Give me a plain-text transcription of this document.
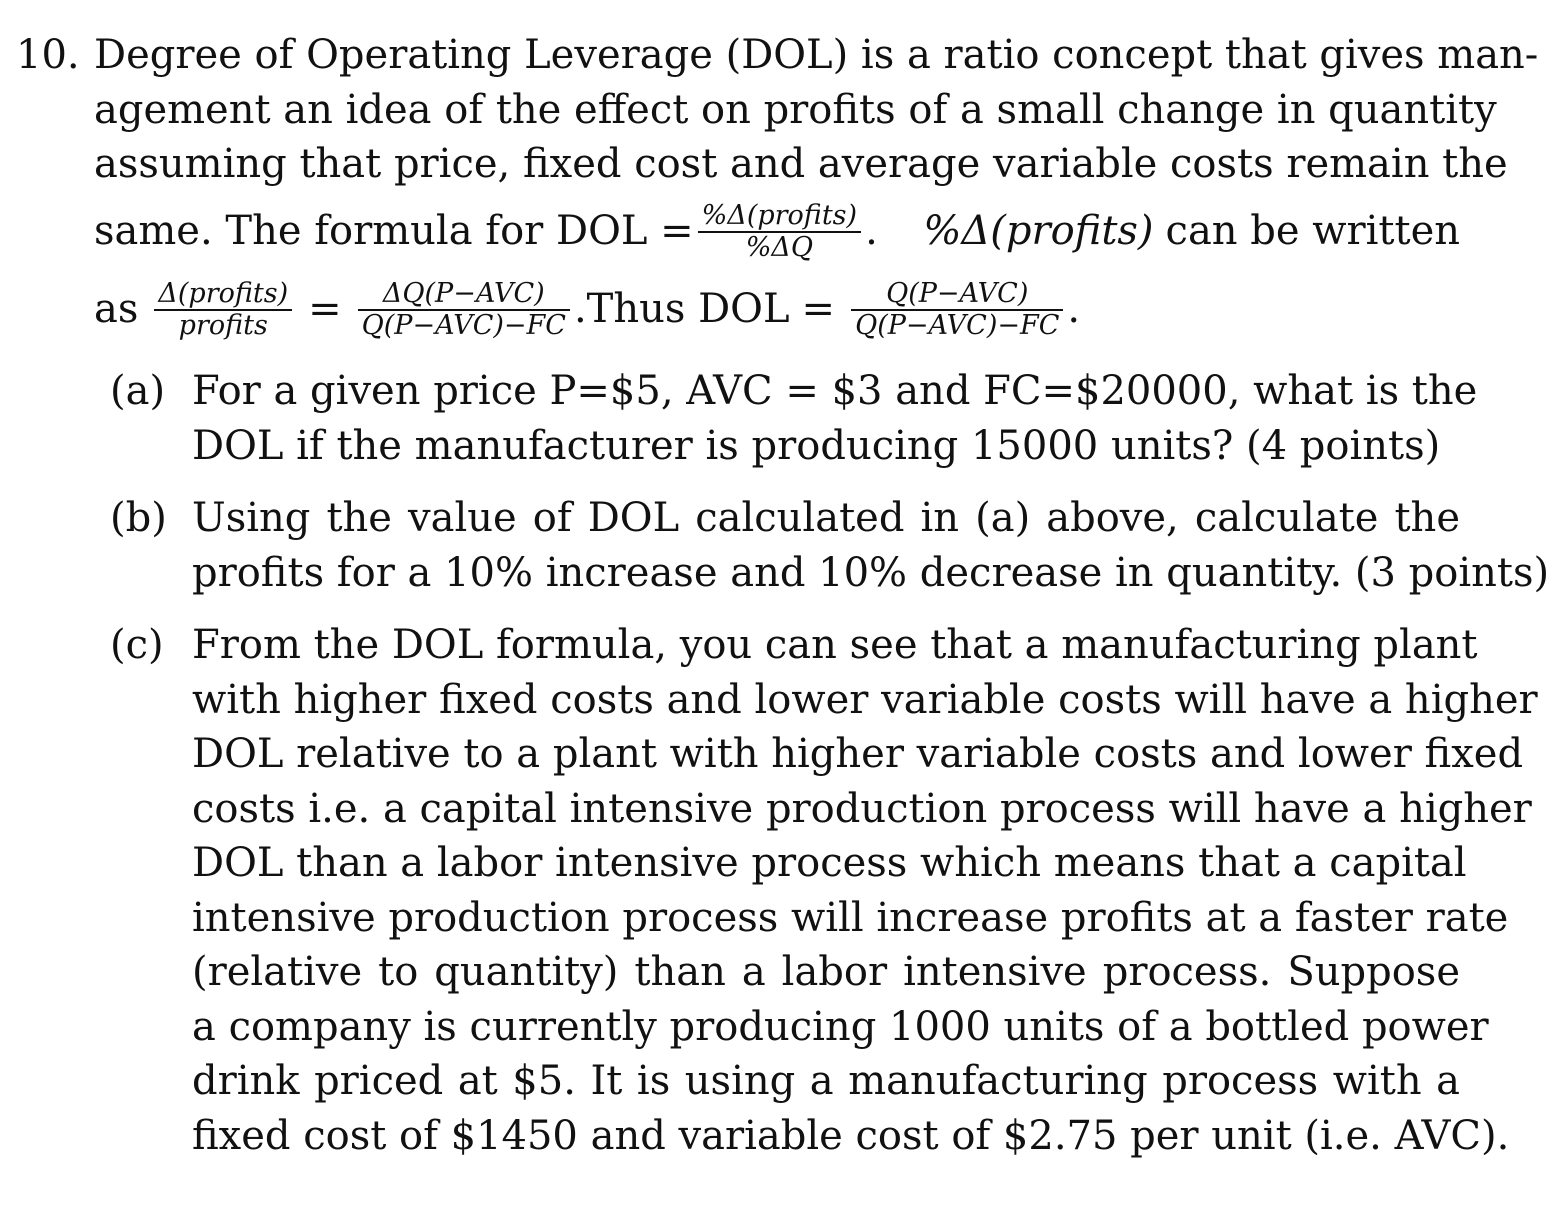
10. Degree of Operating Leverage (DOL) is a ratio concept that gives man-
agement an idea of the effect on profits of a small change in quantity
assuming that price, fixed cost and average variable costs remain the
same. The formula for DOL = $\frac{\text{\%Δ(profits)}}{\%\Delta Q}$ . %Δ(profits) can be written
as $\frac{\text{Δ(profits)}}{\text{profits}} = \frac{\text{ΔQ(P−AVC)}}{\text{Q(P−AVC)−FC}}$ .Thus DOL = $\frac{\text{Q(P−AVC)}}{\text{Q(P−AVC)−FC}}$ .
(a) For a given price P=$5, AVC = $3 and FC=$20000, what is the
DOL if the manufacturer is producing 15000 units? (4 points)
(b) Using the value of DOL calculated in (a) above, calculate the
profits for a 10% increase and 10% decrease in quantity. (3 points)
(c) From the DOL formula, you can see that a manufacturing plant
with higher fixed costs and lower variable costs will have a higher
DOL relative to a plant with higher variable costs and lower fixed
costs i.e. a capital intensive production process will have a higher
DOL than a labor intensive process which means that a capital
intensive production process will increase profits at a faster rate
(relative to quantity) than a labor intensive process. Suppose
a company is currently producing 1000 units of a bottled power
drink priced at $5. It is using a manufacturing process with a
fixed cost of $1450 and variable cost of $2.75 per unit (i.e. AVC).
